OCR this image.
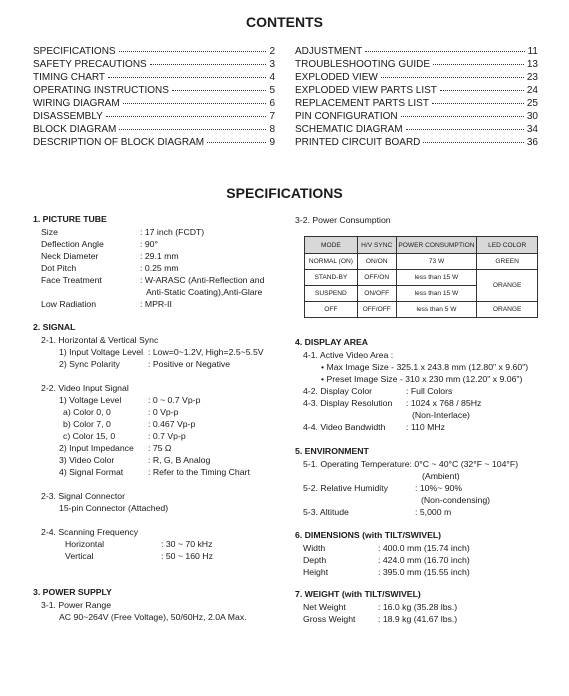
CONTENTS
SPECIFICATIONS	2
SAFETY PRECAUTIONS	3
TIMING CHART	4
OPERATING INSTRUCTIONS	5
WIRING DIAGRAM	6
DISASSEMBLY	7
BLOCK DIAGRAM	8
DESCRIPTION OF BLOCK DIAGRAM	9
ADJUSTMENT	11
TROUBLESHOOTING GUIDE	13
EXPLODED VIEW	23
EXPLODED VIEW PARTS LIST	24
REPLACEMENT PARTS LIST	25
PIN CONFIGURATION	30
SCHEMATIC DIAGRAM	34
PRINTED CIRCUIT BOARD	36
SPECIFICATIONS
1. PICTURE TUBE
Size	: 17 inch (FCDT)
Deflection Angle	: 90°
Neck Diameter	: 29.1 mm
Dot Pitch	: 0.25 mm
Face Treatment	: W-ARASC (Anti-Reflection and
Anti-Static Coating),Anti-Glare
Low Radiation	: MPR-II
2. SIGNAL
2-1. Horizontal & Vertical Sync
1) Input Voltage Level : Low=0~1.2V, High=2.5~5.5V
2) Sync Polarity	: Positive or Negative
2-2. Video Input Signal
1) Voltage Level	: 0 ~ 0.7 Vp-p
a) Color 0, 0	: 0 Vp-p
b) Color 7, 0	: 0.467 Vp-p
c) Color 15, 0	: 0.7 Vp-p
2) Input Impedance : 75 Ω
3) Video Color	: R, G, B Analog
4) Signal Format	: Refer to the Timing Chart
2-3. Signal Connector
15-pin Connector (Attached)
2-4. Scanning Frequency
Horizontal	: 30 ~ 70 kHz
Vertical	: 50 ~ 160 Hz
3. POWER SUPPLY
3-1. Power Range
AC 90~264V (Free Voltage), 50/60Hz, 2.0A Max.
3-2. Power Consumption
MODE	H/V SYNC	POWER CONSUMPTION	LED COLOR
NORMAL (ON)	ON/ON	73 W	GREEN
STAND-BY	OFF/ON	less than 15 W	ORANGE
SUSPEND	ON/OFF	less than 15 W	
OFF	OFF/OFF	less than 5 W	ORANGE
4. DISPLAY AREA
4-1. Active Video Area :
• Max Image Size - 325.1 x 243.8 mm (12.80" x 9.60")
• Preset Image Size - 310 x 230 mm (12.20" x 9.06")
4-2. Display Color	: Full Colors
4-3. Display Resolution : 1024 x 768 / 85Hz
(Non-Interlace)
4-4. Video Bandwidth : 110 MHz
5. ENVIRONMENT
5-1. Operating Temperature: 0°C ~ 40°C (32°F ~ 104°F)
(Ambient)
5-2. Relative Humidity	: 10%~ 90%
(Non-condensing)
5-3. Altitude	: 5,000 m
6. DIMENSIONS (with TILT/SWIVEL)
Width	: 400.0 mm (15.74 inch)
Depth	: 424.0 mm (16.70 inch)
Height	: 395.0 mm (15.55 inch)
7. WEIGHT (with TILT/SWIVEL)
Net Weight	: 16.0 kg (35.28 lbs.)
Gross Weight	: 18.9 kg (41.67 lbs.)
